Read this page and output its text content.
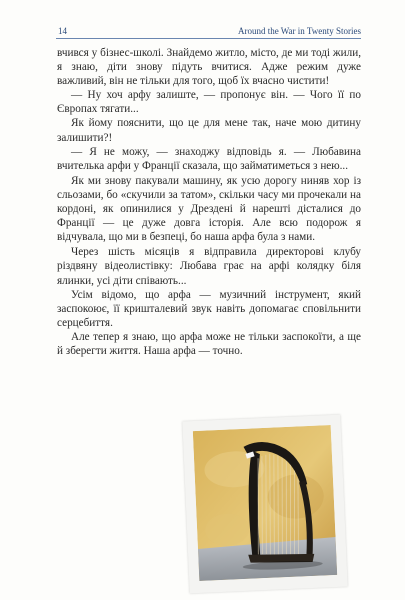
14	Around the War in Twenty Stories

вчився у бізнес-школі. Знайдемо житло, місто, де ми тоді жили, я знаю, діти знову підуть вчитися. Адже режим дуже важливий, він не тільки для того, щоб їх вчасно чистити!

— Ну хоч арфу залиште, — пропонує він. — Чого її по Європах тягати...

Як йому пояснити, що це для мене так, наче мою дитину залишити?!

— Я не можу, — знаходжу відповідь я. — Любавина вчителька арфи у Франції сказала, що займатиметься з нею...

Як ми знову пакували машину, як усю дорогу ниняв хор із сльозами, бо «скучили за татом», скільки часу ми прочекали на кордоні, як опинилися у Дрездені й нарешті дісталися до Франції — це дуже довга історія. Але всю подорож я відчувала, що ми в безпеці, бо наша арфа була з нами.

Через шість місяців я відправила директорові клубу різдвяну відеолистівку: Любава грає на арфі колядку біля ялинки, усі діти співають...

Усім відомо, що арфа — музичний інструмент, який заспокоює, її кришталевий звук навіть допомагає сповільнити серцебиття.

Але тепер я знаю, що арфа може не тільки заспокоїти, а ще й зберегти життя. Наша арфа — точно.
